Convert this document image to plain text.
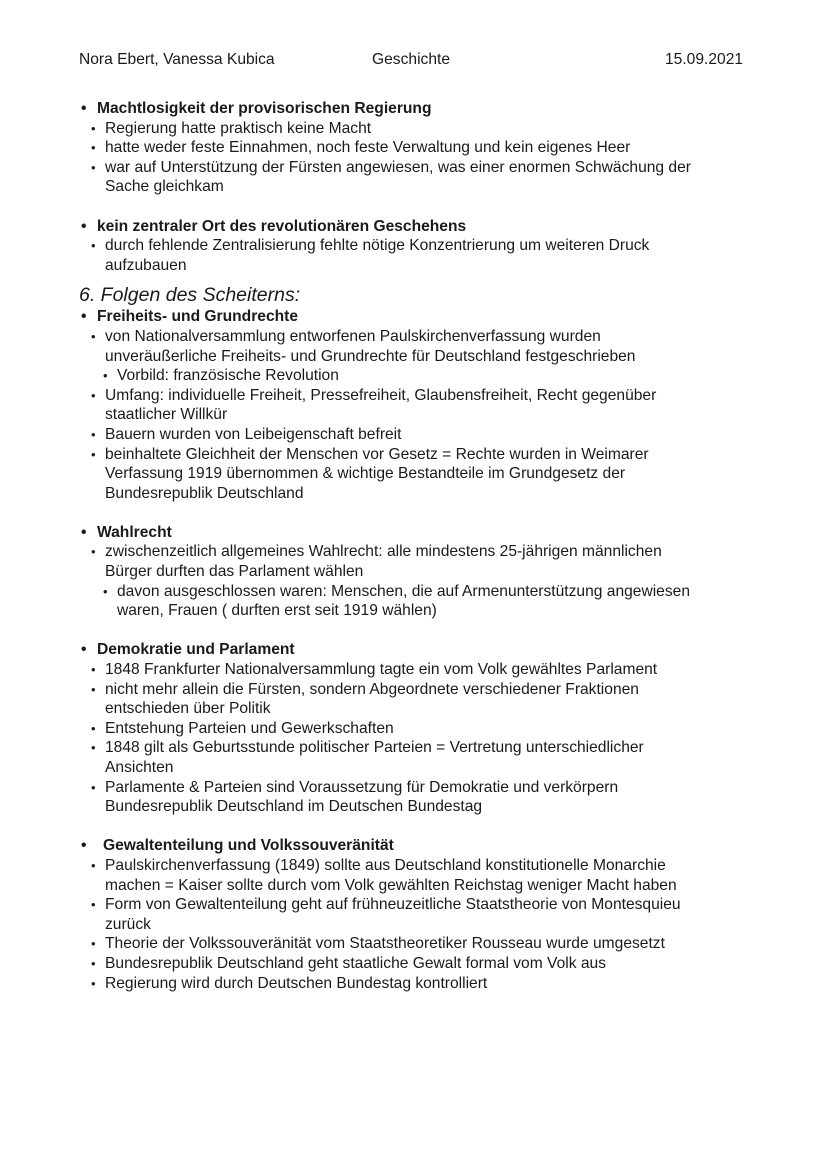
Nora Ebert, Vanessa Kubica	Geschichte	15.09.2021
• Machtlosigkeit der provisorischen Regierung
• Regierung hatte praktisch keine Macht
• hatte weder feste Einnahmen, noch feste Verwaltung und kein eigenes Heer
• war auf Unterstützung der Fürsten angewiesen, was einer enormen Schwächung der
Sache gleichkam
• kein zentraler Ort des revolutionären Geschehens
• durch fehlende Zentralisierung fehlte nötige Konzentrierung um weiteren Druck
aufzubauen
6. Folgen des Scheiterns:
• Freiheits- und Grundrechte
• von Nationalversammlung entworfenen Paulskirchenverfassung wurden
unveräußerliche Freiheits- und Grundrechte für Deutschland festgeschrieben
• Vorbild: französische Revolution
• Umfang: individuelle Freiheit, Pressefreiheit, Glaubensfreiheit, Recht gegenüber
staatlicher Willkür
• Bauern wurden von Leibeigenschaft befreit
• beinhaltete Gleichheit der Menschen vor Gesetz = Rechte wurden in Weimarer
Verfassung 1919 übernommen & wichtige Bestandteile im Grundgesetz der
Bundesrepublik Deutschland
• Wahlrecht
• zwischenzeitlich allgemeines Wahlrecht: alle mindestens 25-jährigen männlichen
Bürger durften das Parlament wählen
• davon ausgeschlossen waren: Menschen, die auf Armenunterstützung angewiesen
waren, Frauen ( durften erst seit 1919 wählen)
• Demokratie und Parlament
• 1848 Frankfurter Nationalversammlung tagte ein vom Volk gewähltes Parlament
• nicht mehr allein die Fürsten, sondern Abgeordnete verschiedener Fraktionen
entschieden über Politik
• Entstehung Parteien und Gewerkschaften
• 1848 gilt als Geburtsstunde politischer Parteien = Vertretung unterschiedlicher
Ansichten
• Parlamente & Parteien sind Voraussetzung für Demokratie und verkörpern
Bundesrepublik Deutschland im Deutschen Bundestag
• Gewaltenteilung und Volkssouveränität
• Paulskirchenverfassung (1849) sollte aus Deutschland konstitutionelle Monarchie
machen = Kaiser sollte durch vom Volk gewählten Reichstag weniger Macht haben
• Form von Gewaltenteilung geht auf frühneuzeitliche Staatstheorie von Montesquieu
zurück
• Theorie der Volkssouveränität vom Staatstheoretiker Rousseau wurde umgesetzt
• Bundesrepublik Deutschland geht staatliche Gewalt formal vom Volk aus
• Regierung wird durch Deutschen Bundestag kontrolliert
